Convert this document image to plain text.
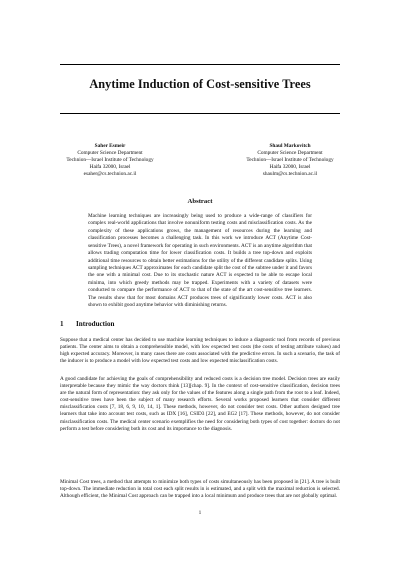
Anytime Induction of Cost-sensitive Trees
Saher Esmeir
Computer Science Department
Technion—Israel Institute of Technology
Haifa 32000, Israel
esaher@cs.technion.ac.il
Shaul Markovitch
Computer Science Department
Technion—Israel Institute of Technology
Haifa 32000, Israel
shaulm@cs.technion.ac.il
Abstract

Machine learning techniques are increasingly being used to produce a wide-range of classifiers for complex real-world applications that involve nonuniform testing costs and misclassification costs. As the complexity of these applications grows, the management of resources during the learning and classification processes becomes a challenging task. In this work we introduce ACT (Anytime Cost-sensitive Trees), a novel framework for operating in such environments. ACT is an anytime algorithm that allows trading computation time for lower classification costs. It builds a tree top-down and exploits additional time resources to obtain better estimations for the utility of the different candidate splits. Using sampling techniques ACT approximates for each candidate split the cost of the subtree under it and favors the one with a minimal cost. Due to its stochastic nature ACT is expected to be able to escape local minima, into which greedy methods may be trapped. Experiments with a variety of datasets were conducted to compare the performance of ACT to that of the state of the art cost-sensitive tree learners. The results show that for most domains ACT produces trees of significantly lower costs. ACT is also shown to exhibit good anytime behavior with diminishing returns.

1 Introduction

Suppose that a medical center has decided to use machine learning techniques to induce a diagnostic tool from records of previous patients. The center aims to obtain a comprehensible model, with low expected test costs (the costs of testing attribute values) and high expected accuracy. Moreover, in many cases there are costs associated with the predictive errors. In such a scenario, the task of the inducer is to produce a model with low expected test costs and low expected misclassification costs.

A good candidate for achieving the goals of comprehensibility and reduced costs is a decision tree model. Decision trees are easily interpretable because they mimic the way doctors think [13][chap. 9]. In the context of cost-sensitive classification, decision trees are the natural form of representation: they ask only for the values of the features along a single path from the root to a leaf. Indeed, cost-sensitive trees have been the subject of many research efforts. Several works proposed learners that consider different misclassification costs [7, 18, 6, 9, 10, 14, 1]. These methods, however, do not consider test costs. Other authors designed tree learners that take into account test costs, such as IDX [16], CSID3 [22], and EG2 [17]. These methods, however, do not consider misclassification costs. The medical center scenario exemplifies the need for considering both types of cost together: doctors do not perform a test before considering both its cost and its importance to the diagnosis.

Minimal Cost trees, a method that attempts to minimize both types of costs simultaneously has been proposed in [21]. A tree is built top-down. The immediate reduction in total cost each split results in is estimated, and a split with the maximal reduction is selected. Although efficient, the Minimal Cost approach can be trapped into a local minimum and produce trees that are not globally optimal.

1
